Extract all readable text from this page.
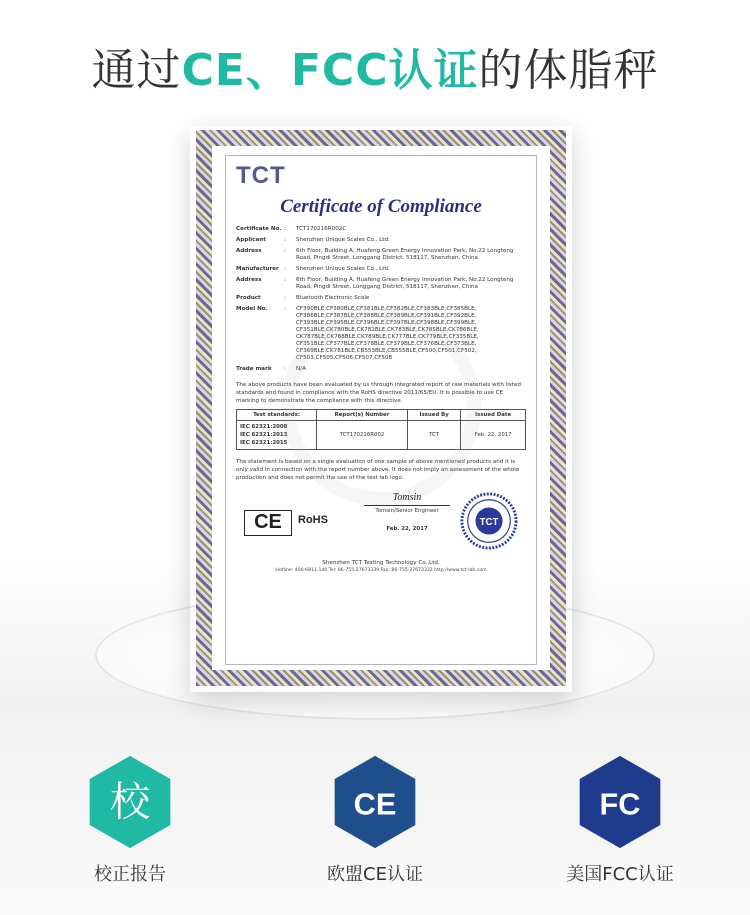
通过CE、FCC认证的体脂秤
TCT
Certificate of Compliance
Certificate No. :	TCT170216R002C
Applicant	:	Shenzhen Unique Scales Co., Ltd.
Address	:	6th Floor, Building A, Huafeng Green Energy Innovation Park, No.22 Longteng Road, Pingdi Street, Longgang District, 518117, Shenzhen, China
Manufacturer :	Shenzhen Unique Scales Co., Ltd.
Address	:	6th Floor, Building A, Huafeng Green Energy Innovation Park, No.22 Longteng Road, Pingdi Street, Longgang District, 518117, Shenzhen, China
Product	:	Bluetooth Electronic Scale
Model No.	:	CF390BLE,CF380BLE,CF381BLE,CF382BLE,CF383BLE,CF385BLE, CF386BLE,CF387BLE,CF388BLE,CF389BLE,CF391BLE,CF392BLE, CF393BLE,CF395BLE,CF396BLE,CF397BLE,CF398BLE,CF399BLE, CF351BLE,CK780BLE,CK782BLE,CK783BLE,CK785BLE,CK786BLE, CK787BLE,CK788BLE,CK789BLE,CK777BLE,CK779BLE,CF335BLE, CF351BLE,CF377BLE,CF378BLE,CF379BLE,CF376BLE,CF373BLE, CF369BLE,CK781BLE,CB553BLE,CB555BLE,CF500,CF501,CF502, CF503,CF505,CF506,CF507,CF508
Trade mark	:	N/A

The above products have been evaluated by us through integrated report of raw materials with listed standards and found in compliance with the RoHS directive 2011/65/EU. It is possible to use CE marking to demonstrate the compliance with this directive.

Test standards:	Report(s) Number	Issued By	Issued Date

IEC 62321:2008
IEC 62321:2013
IEC 62321:2015	TCT170216R002	TCT	Feb. 22, 2017

The statement is based on a single evaluation of one sample of above mentioned products and it is only valid in connection with the report number above. It does not imply an assessment of the whole production and does not permit the use of the test lab logo.

CE	RoHS
Tomsin
Tomsin/Senior Engineer
Feb. 22, 2017
TCT
Shenzhen TCT Testing Technology Co.,Ltd.
Hotline: 400-6811-140 Tel: 86-755-27673339 Fax: 86-755-27673332 http://www.tct-lab.com
校
校正报告
CE
欧盟CE认证
FC
美国FCC认证
